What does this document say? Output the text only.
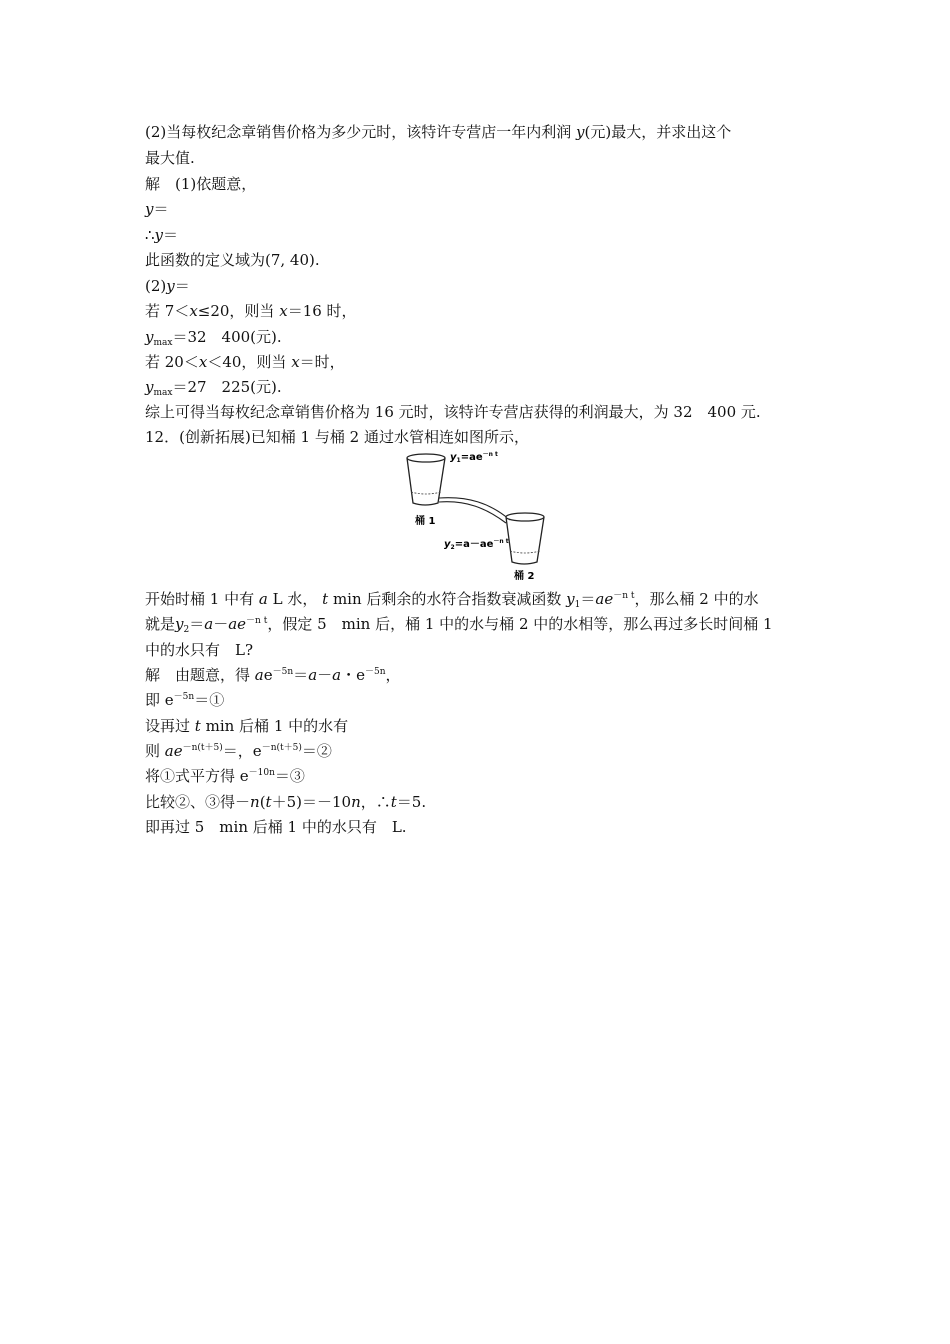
(2)当每枚纪念章销售价格为多少元时，该特许专营店一年内利润 y(元)最大，并求出这个
最大值.
解　(1)依题意，
y＝
∴y＝
此函数的定义域为(7, 40).
(2)y＝
若 7＜x≤20，则当 x＝16 时，
$y_{max}=32$　400(元).
若 20＜x＜40，则当 x＝时，
$y_{max}=27$　225(元).
综上可得当每枚纪念章销售价格为 16 元时，该特许专营店获得的利润最大，为 32　400 元.
12．(创新拓展)已知桶 1 与桶 2 通过水管相连如图所示，
$y_1=ae^{-n t}$
$y_2=a-ae^{-n t}$
桶 1
桶 2
开始时桶 1 中有 a L 水， t min 后剩余的水符合指数衰减函数 $y_1=ae^{-n t}$，那么桶 2 中的水
就是$y_2=a-ae^{-n t}$，假定 5　min 后，桶 1 中的水与桶 2 中的水相等，那么再过多长时间桶 1
中的水只有　L?
解　由题意，得 $ae^{-5n}=a-a$・$e^{-5n}$，
即 $e^{-5n}=①$
设再过 t min 后桶 1 中的水有
则 $ae^{-n(t+5)}=$，$e^{-n(t+5)}=②$
将①式平方得 $e^{-10n}=③$
比较②、③得－n(t＋5)＝－10n，∴t＝5.
即再过 5　min 后桶 1 中的水只有　L.
